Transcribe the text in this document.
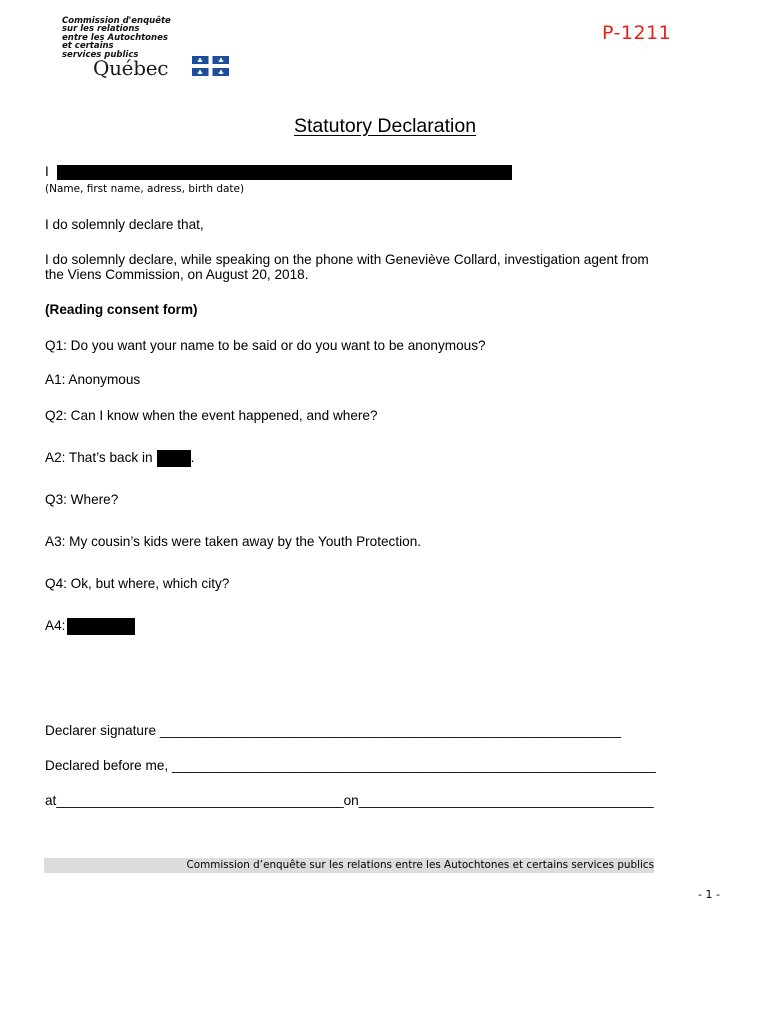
Commission d'enquête
sur les relations
entre les Autochtones
et certains
services publics
Québec
P-1211
Statutory Declaration
I
(Name, first name, adress, birth date)
I do solemnly declare that,
I do solemnly declare, while speaking on the phone with Geneviève Collard, investigation agent from
the Viens Commission, on August 20, 2018.
(Reading consent form)
Q1: Do you want your name to be said or do you want to be anonymous?
A1: Anonymous
Q2: Can I know when the event happened, and where?
A2: That’s back in	.
Q3: Where?
A3: My cousin’s kids were taken away by the Youth Protection.
Q4: Ok, but where, which city?
A4:
Declarer signature _____________________________________________________________
Declared before me, ________________________________________________________________
at______________________________________on_______________________________________
Commission d’enquête sur les relations entre les Autochtones et certains services publics
- 1 -
